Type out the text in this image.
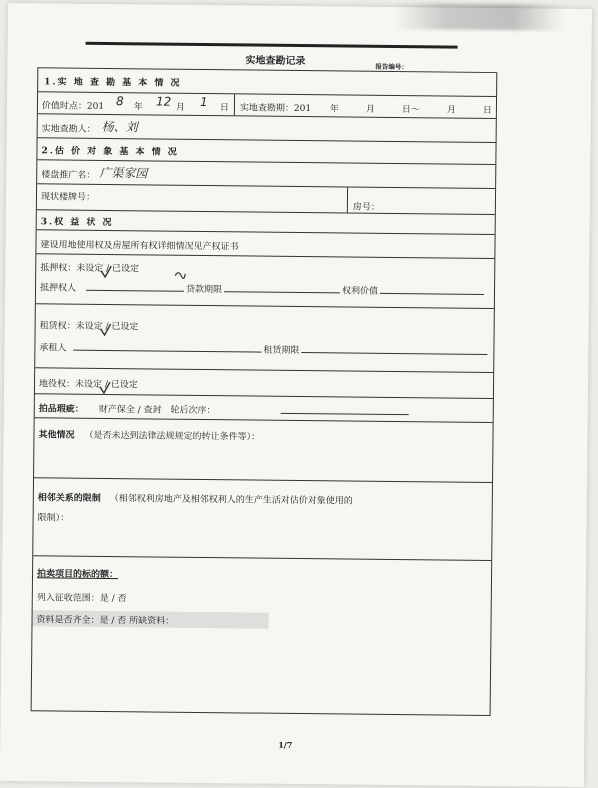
实地查勘记录	报告编号：
1.实 地 查 勘 基 本 情 况
价值时点：201 8 年 12 月 1 日 实地查勘期：201 年　　　月　　　日～　　　月　　　日
实地查勘人： 杨、刘
2.估 价 对 象 基 本 情 况
楼盘推广名： 广渠家园
现状楼牌号：
房号：
3.权 益 状 况
建设用地使用权及房屋所有权详细情况见产权证书
抵押权：未设定 / 已设定
抵押权人	贷款期限	权利价值
租赁权：未设定 / 已设定
承租人	租赁期限
地役权：未设定 / 已设定
拍品瑕疵： 财产保全 / 查封　轮后次序：
其他情况 （是否未达到法律法规规定的转让条件等）：
相邻关系的限制 （相邻权利房地产及相邻权利人的生产生活对估价对象使用的
限制）：
拍卖项目的标的额：
列入征收范围：是 / 否
资料是否齐全：是 / 否 所缺资料：
1/7
